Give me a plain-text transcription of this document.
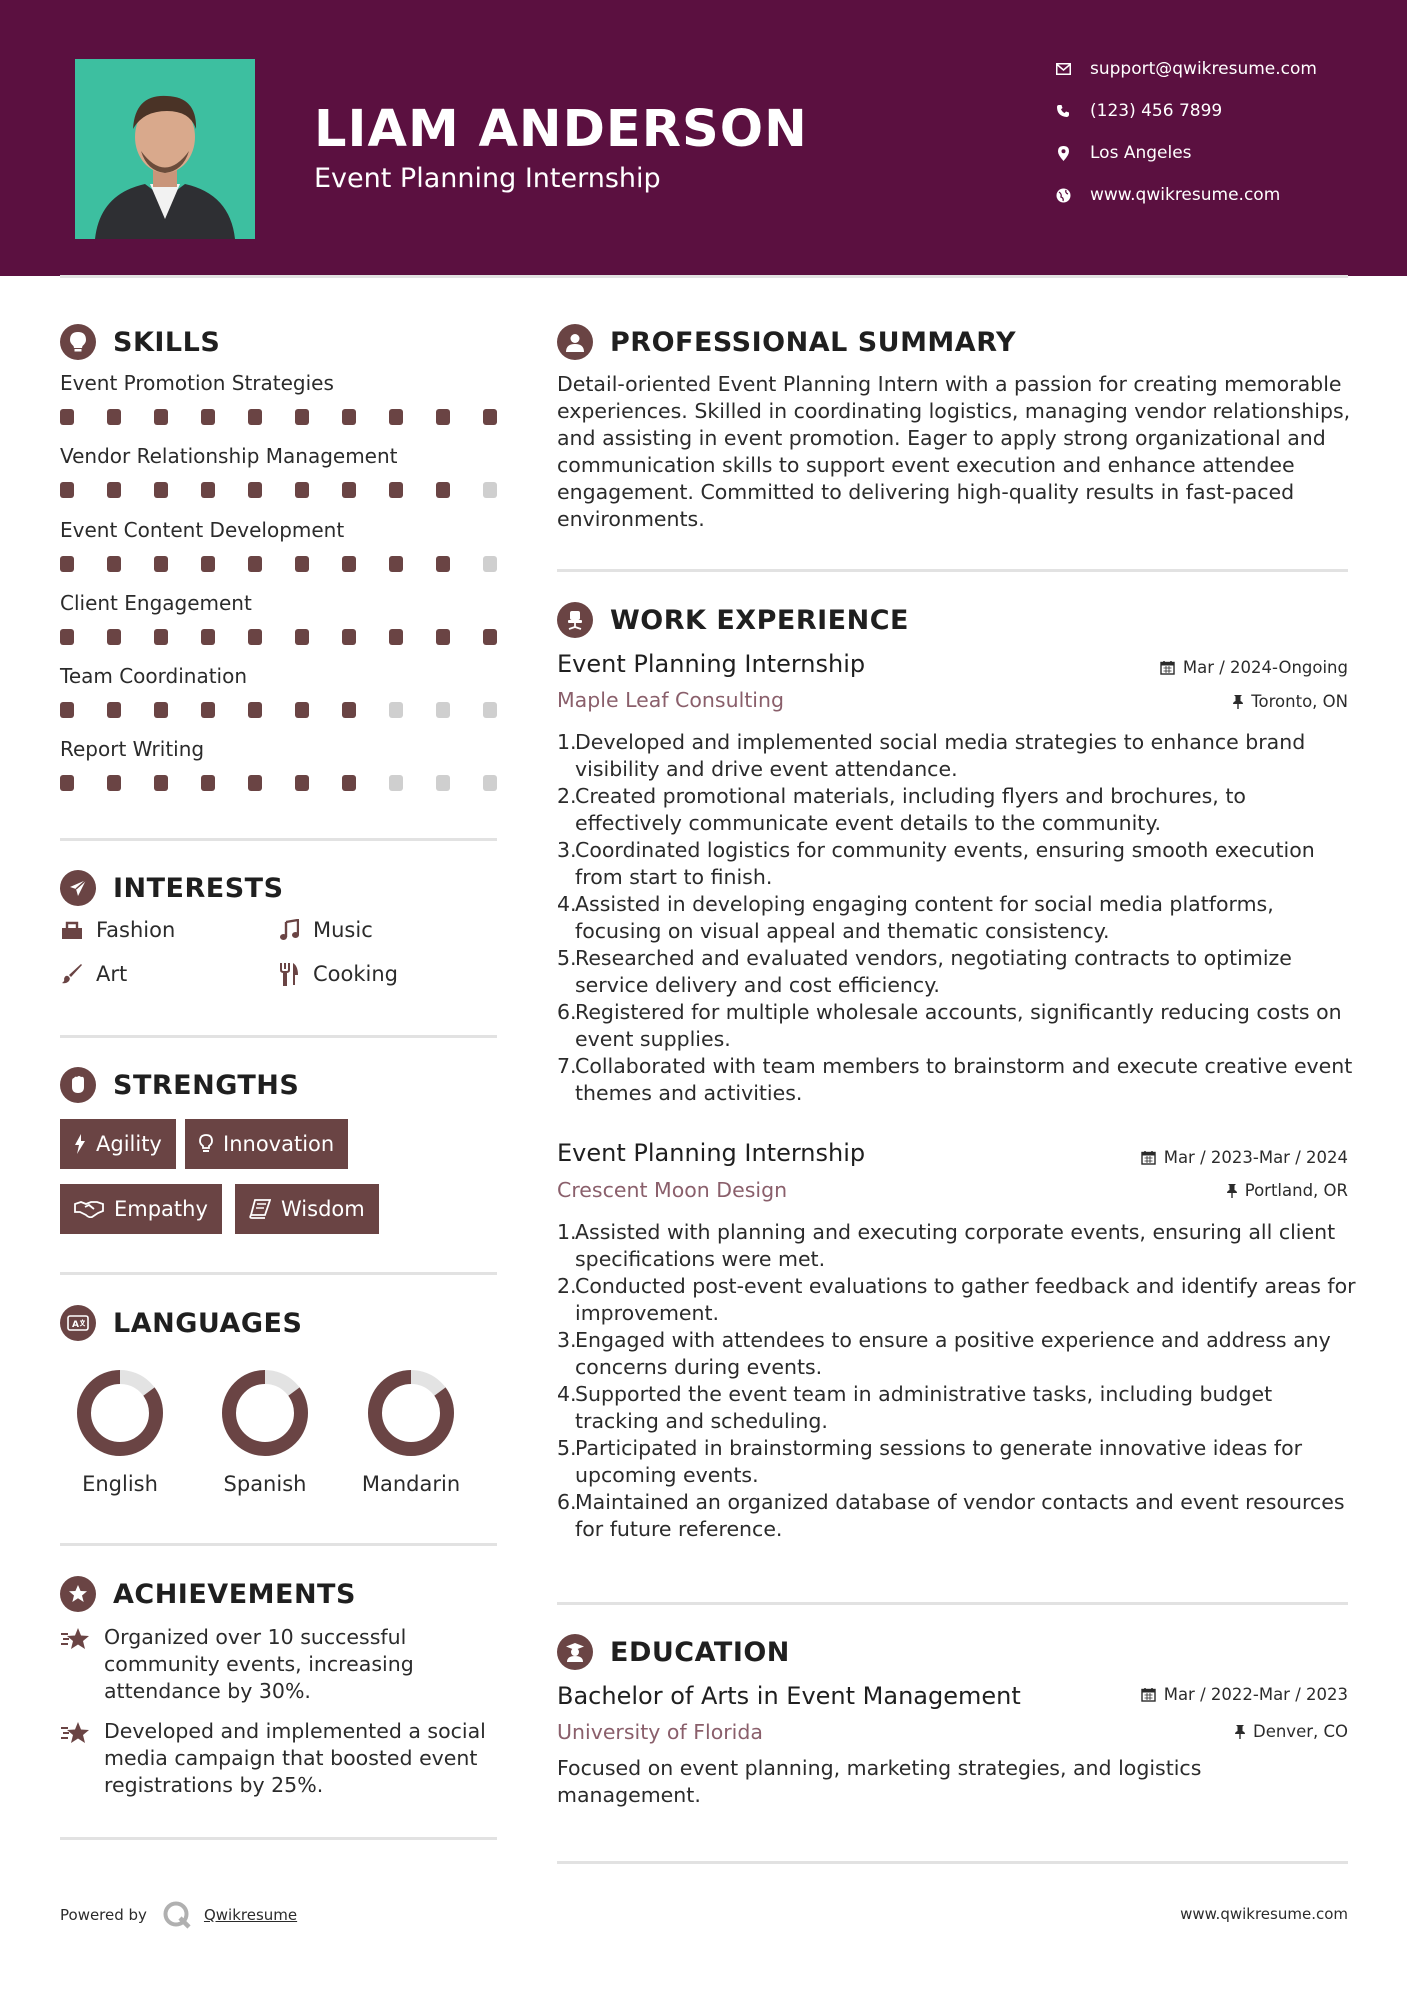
LIAM ANDERSON
Event Planning Internship
support@qwikresume.com
(123) 456 7899
Los Angeles
www.qwikresume.com
SKILLS
Event Promotion Strategies
Vendor Relationship Management
Event Content Development
Client Engagement
Team Coordination
Report Writing
INTERESTS
Fashion	Music
Art	Cooking
STRENGTHS
Agility	Innovation
Empathy	Wisdom
A LANGUAGES
English	Spanish	Mandarin
ACHIEVEMENTS
Organized over 10 successful community events, increasing attendance by 30%.
Developed and implemented a social media campaign that boosted event registrations by 25%.
PROFESSIONAL SUMMARY
Detail-oriented Event Planning Intern with a passion for creating memorable experiences. Skilled in coordinating logistics, managing vendor relationships, and assisting in event promotion. Eager to apply strong organizational and communication skills to support event execution and enhance attendee engagement. Committed to delivering high-quality results in fast-paced environments.
WORK EXPERIENCE
Event Planning Internship	Mar / 2024-Ongoing
Maple Leaf Consulting	Toronto, ON
1.
Developed and implemented social media strategies to enhance brand visibility and drive event attendance.
2.
Created promotional materials, including flyers and brochures, to effectively communicate event details to the community.
3.
Coordinated logistics for community events, ensuring smooth execution from start to finish.
4.
Assisted in developing engaging content for social media platforms, focusing on visual appeal and thematic consistency.
5.
Researched and evaluated vendors, negotiating contracts to optimize service delivery and cost efficiency.
6.
Registered for multiple wholesale accounts, significantly reducing costs on event supplies.
7.
Collaborated with team members to brainstorm and execute creative event themes and activities.
Event Planning Internship	Mar / 2023-Mar / 2024
Crescent Moon Design	Portland, OR
1.
Assisted with planning and executing corporate events, ensuring all client specifications were met.
2.
Conducted post-event evaluations to gather feedback and identify areas for improvement.
3.
Engaged with attendees to ensure a positive experience and address any concerns during events.
4.
Supported the event team in administrative tasks, including budget tracking and scheduling.
5.
Participated in brainstorming sessions to generate innovative ideas for upcoming events.
6.
Maintained an organized database of vendor contacts and event resources for future reference.
EDUCATION
Bachelor of Arts in Event Management	Mar / 2022-Mar / 2023
University of Florida	Denver, CO
Focused on event planning, marketing strategies, and logistics management.
Powered by	Qwikresume	www.qwikresume.com
